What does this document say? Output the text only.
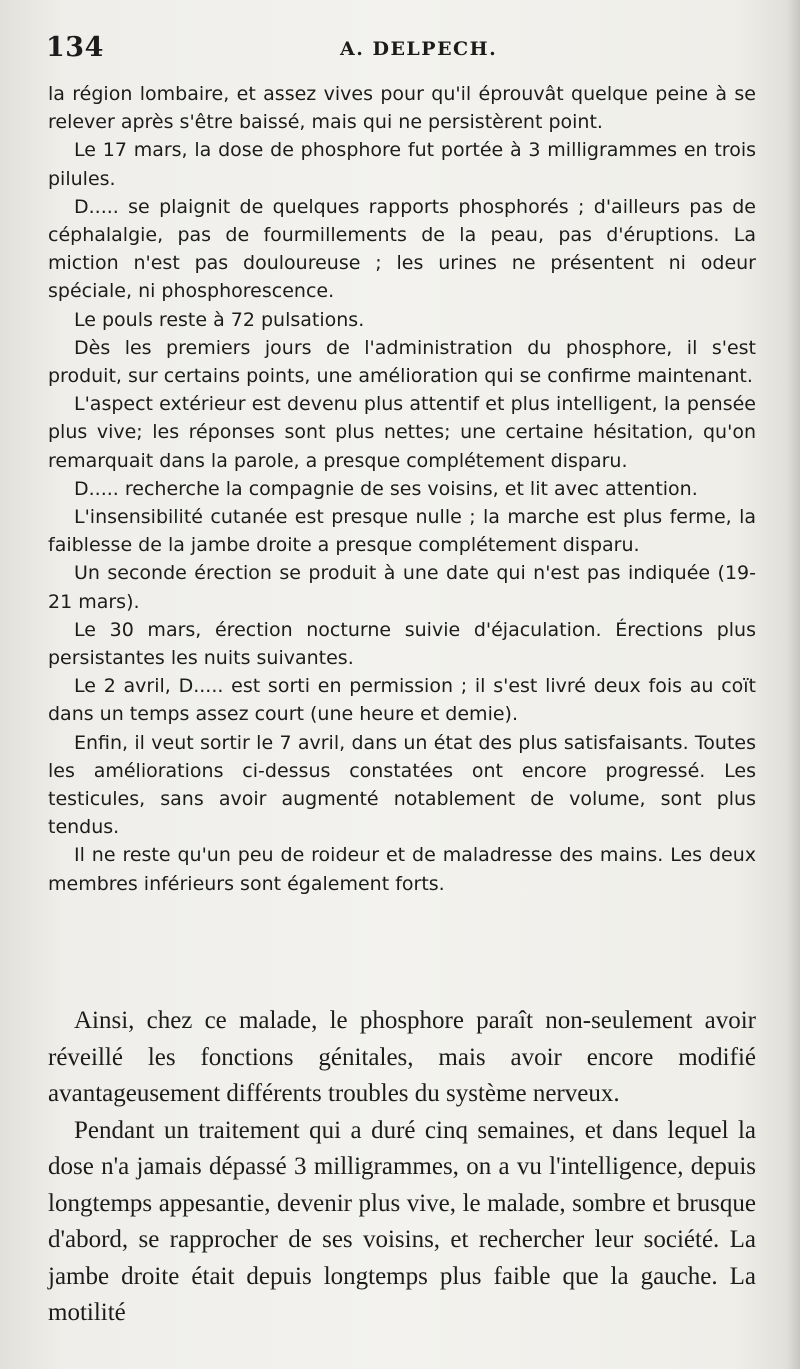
134	A. DELPECH.

la région lombaire, et assez vives pour qu'il éprouvât quelque peine à se relever après s'être baissé, mais qui ne persistèrent point.

Le 17 mars, la dose de phosphore fut portée à 3 milligrammes en trois pilules.

D..... se plaignit de quelques rapports phosphorés ; d'ailleurs pas de céphalalgie, pas de fourmillements de la peau, pas d'éruptions. La miction n'est pas douloureuse ; les urines ne présentent ni odeur spéciale, ni phosphorescence.

Le pouls reste à 72 pulsations.

Dès les premiers jours de l'administration du phosphore, il s'est produit, sur certains points, une amélioration qui se confirme maintenant.

L'aspect extérieur est devenu plus attentif et plus intelligent, la pensée plus vive; les réponses sont plus nettes; une certaine hésitation, qu'on remarquait dans la parole, a presque complétement disparu.

D..... recherche la compagnie de ses voisins, et lit avec attention.

L'insensibilité cutanée est presque nulle ; la marche est plus ferme, la faiblesse de la jambe droite a presque complétement disparu.

Un seconde érection se produit à une date qui n'est pas indiquée (19-21 mars).

Le 30 mars, érection nocturne suivie d'éjaculation. Érections plus persistantes les nuits suivantes.

Le 2 avril, D..... est sorti en permission ; il s'est livré deux fois au coït dans un temps assez court (une heure et demie).

Enfin, il veut sortir le 7 avril, dans un état des plus satisfaisants. Toutes les améliorations ci-dessus constatées ont encore progressé. Les testicules, sans avoir augmenté notablement de volume, sont plus tendus.

Il ne reste qu'un peu de roideur et de maladresse des mains. Les deux membres inférieurs sont également forts.

Ainsi, chez ce malade, le phosphore paraît non-seulement avoir réveillé les fonctions génitales, mais avoir encore modifié avantageusement différents troubles du système nerveux.

Pendant un traitement qui a duré cinq semaines, et dans lequel la dose n'a jamais dépassé 3 milligrammes, on a vu l'intelligence, depuis longtemps appesantie, devenir plus vive, le malade, sombre et brusque d'abord, se rapprocher de ses voisins, et rechercher leur société. La jambe droite était depuis longtemps plus faible que la gauche. La motilité
